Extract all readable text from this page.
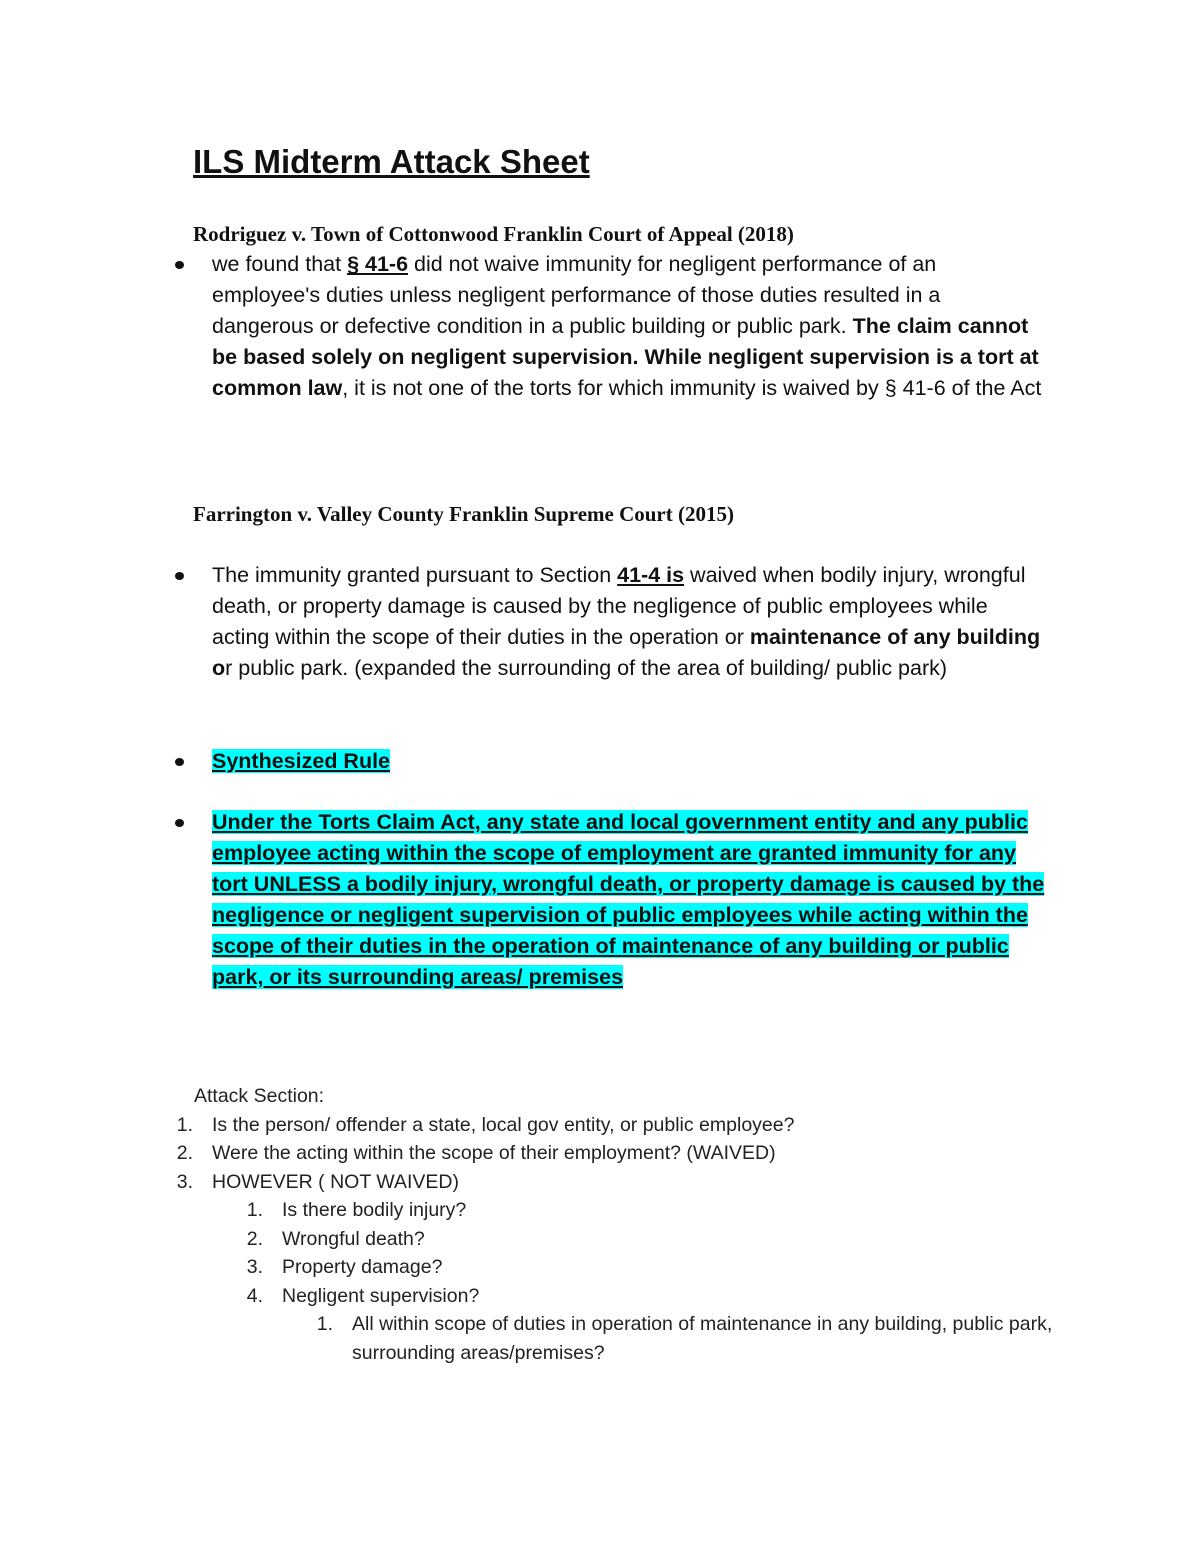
ILS Midterm Attack Sheet
Rodriguez v. Town of Cottonwood Franklin Court of Appeal (2018)
we found that § 41-6 did not waive immunity for negligent performance of an employee's duties unless negligent performance of those duties resulted in a dangerous or defective condition in a public building or public park. The claim cannot be based solely on negligent supervision. While negligent supervision is a tort at common law, it is not one of the torts for which immunity is waived by § 41-6 of the Act
Farrington v. Valley County Franklin Supreme Court (2015)
The immunity granted pursuant to Section 41-4 is waived when bodily injury, wrongful death, or property damage is caused by the negligence of public employees while acting within the scope of their duties in the operation or maintenance of any building or public park. (expanded the surrounding of the area of building/ public park)
Synthesized Rule
Under the Torts Claim Act, any state and local government entity and any public employee acting within the scope of employment are granted immunity for any tort UNLESS a bodily injury, wrongful death, or property damage is caused by the negligence or negligent supervision of public employees while acting within the scope of their duties in the operation of maintenance of any building or public park, or its surrounding areas/ premises
Attack Section:
1. Is the person/ offender a state, local gov entity, or public employee?
2. Were the acting within the scope of their employment? (WAIVED)
3. HOWEVER ( NOT WAIVED)
1. Is there bodily injury?
2. Wrongful death?
3. Property damage?
4. Negligent supervision?
1. All within scope of duties in operation of maintenance in any building, public park, surrounding areas/premises?
